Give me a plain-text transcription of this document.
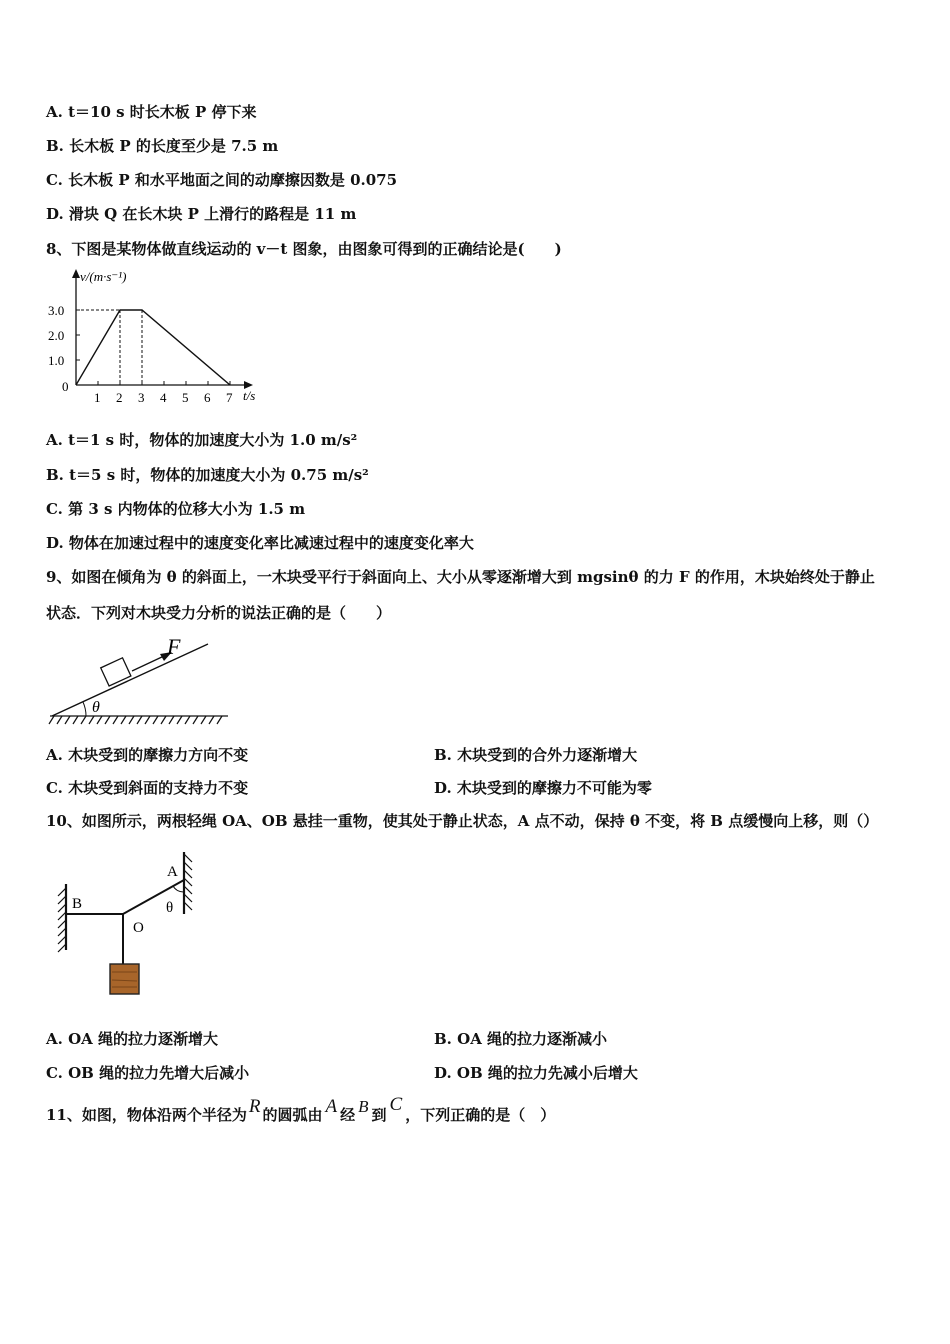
A. t＝10 s 时长木板 P 停下来
B. 长木板 P 的长度至少是 7.5 m
C. 长木板 P 和水平地面之间的动摩擦因数是 0.075
D. 滑块 Q 在长木块 P 上滑行的路程是 11 m
8、下图是某物体做直线运动的 v－t 图象，由图象可得到的正确结论是(　　)
v/(m·s⁻¹)
t/s
0
1 2 3 4 5 6 7
1.0
2.0
3.0
A. t＝1 s 时，物体的加速度大小为 1.0 m/s²
B. t＝5 s 时，物体的加速度大小为 0.75 m/s²
C. 第 3 s 内物体的位移大小为 1.5 m
D. 物体在加速过程中的速度变化率比减速过程中的速度变化率大
9、如图在倾角为 θ 的斜面上，一木块受平行于斜面向上、大小从零逐渐增大到 mgsinθ 的力 F 的作用，木块始终处于静止
状态．下列对木块受力分析的说法正确的是（　　）
θ
F
A. 木块受到的摩擦力方向不变	B. 木块受到的合外力逐渐增大
C. 木块受到斜面的支持力不变	D. 木块受到的摩擦力不可能为零
10、如图所示，两根轻绳 OA、OB 悬挂一重物，使其处于静止状态，A 点不动，保持 θ 不变，将 B 点缓慢向上移，则（）
A
B
O
θ
A. OA 绳的拉力逐渐增大	B. OA 绳的拉力逐渐减小
C. OB 绳的拉力先增大后减小	D. OB 绳的拉力先减小后增大
11、如图，物体沿两个半径为 R 的圆弧由 A 经 B 到 C ，下列正确的是（　）
